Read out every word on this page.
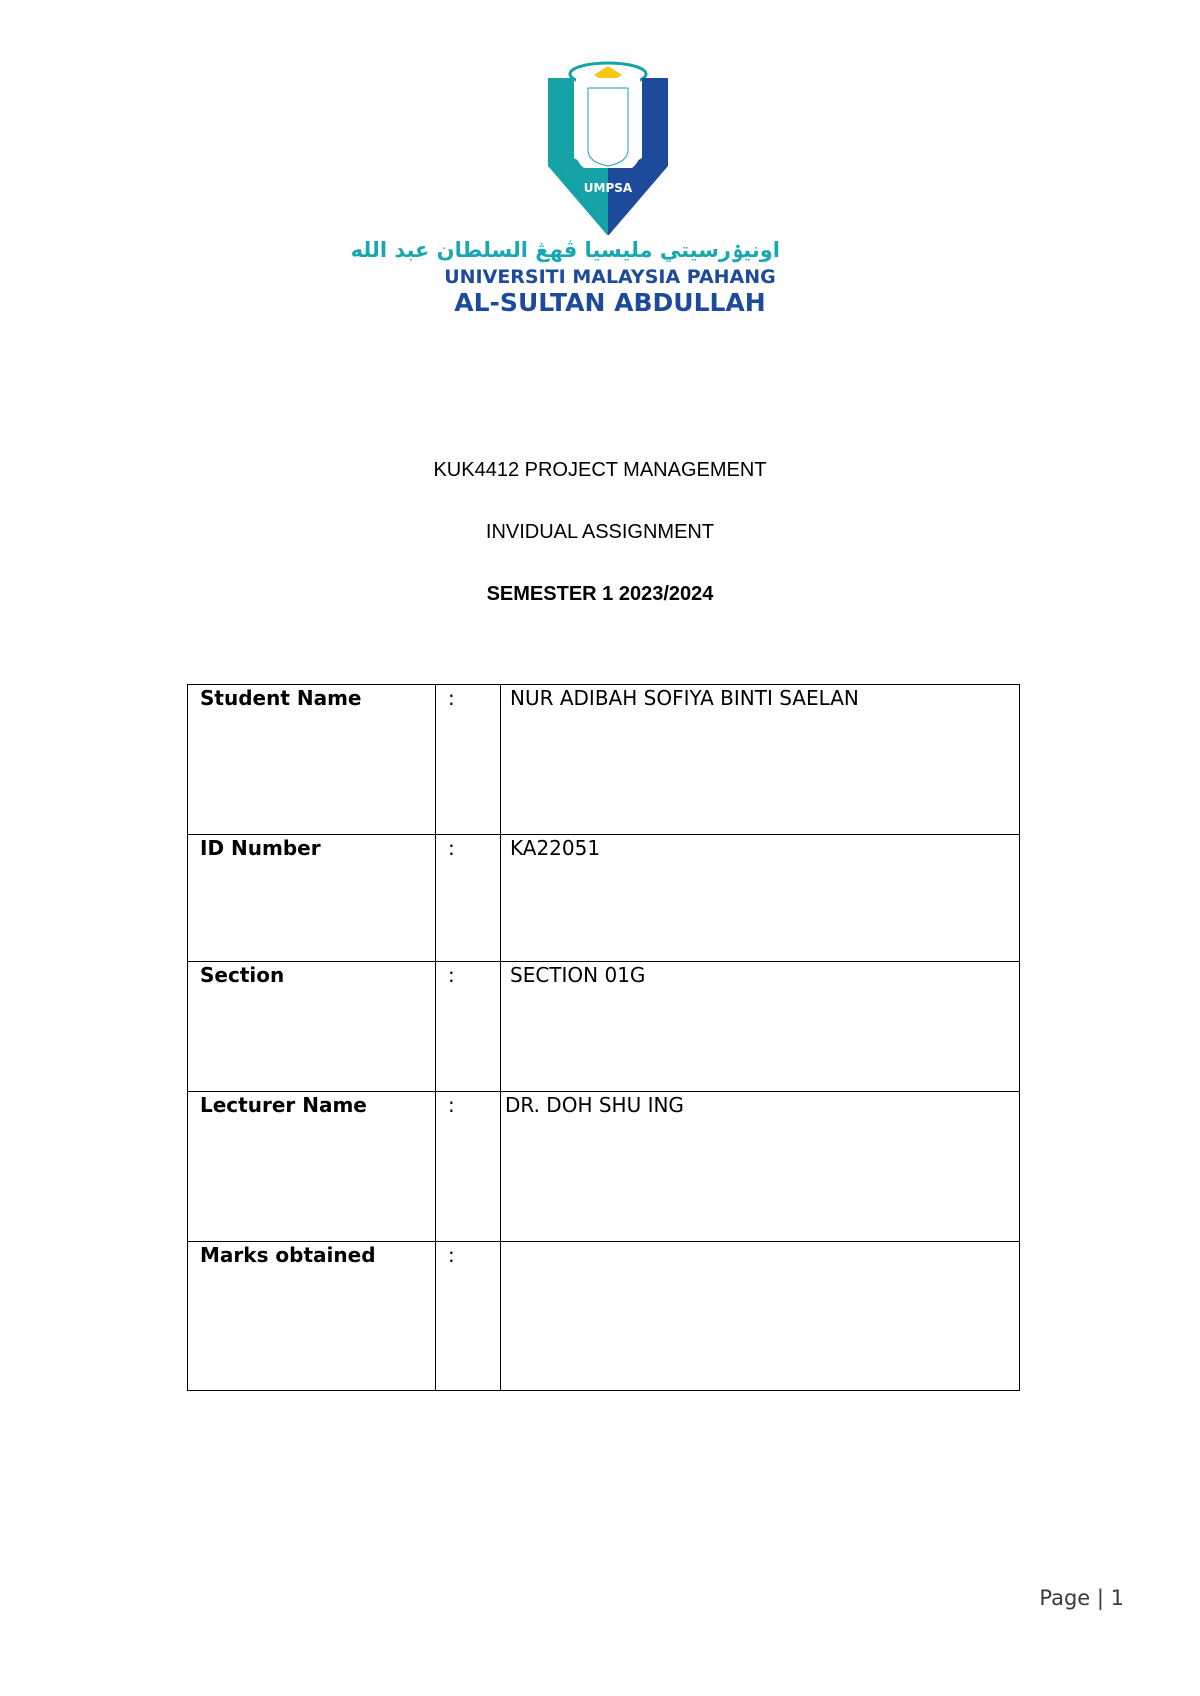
UMPSA
اونيۏرسيتي مليسيا ڤهڠ السلطان عبد الله
UNIVERSITI MALAYSIA PAHANG
AL-SULTAN ABDULLAH
KUK4412 PROJECT MANAGEMENT
INVIDUAL ASSIGNMENT
SEMESTER 1 2023/2024
Student Name	:	NUR ADIBAH SOFIYA BINTI SAELAN

ID Number	:	KA22051

Section	:	SECTION 01G

Lecturer Name	:	DR. DOH SHU ING

Marks obtained	:	

Page | 1
